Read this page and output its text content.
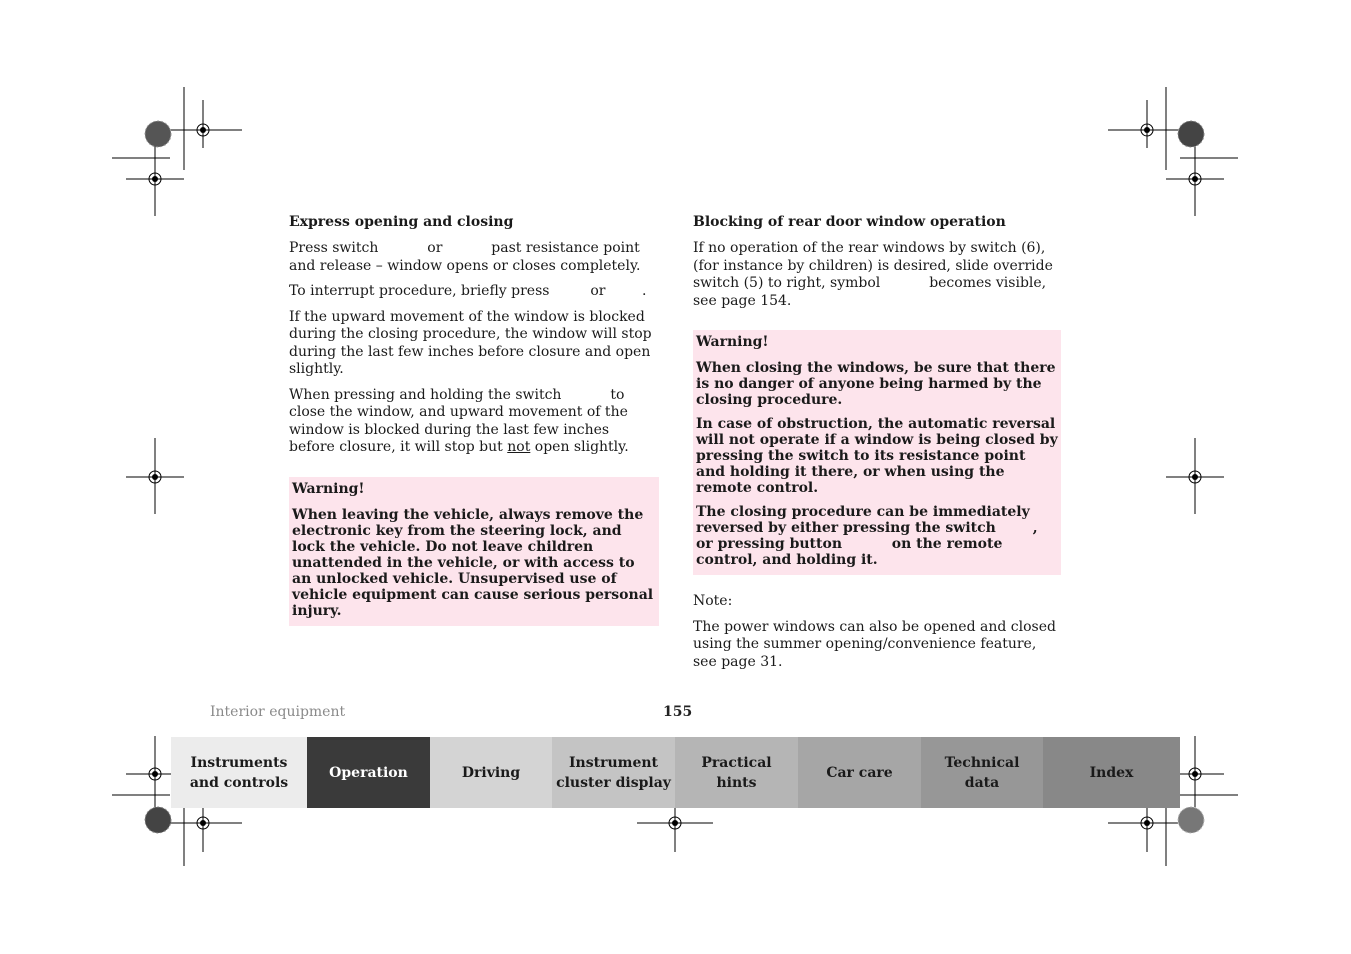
Express opening and closing

Press switch	or	past resistance point and release – window opens or closes completely.

To interrupt procedure, briefly press	or	.

If the upward movement of the window is blocked during the closing procedure, the window will stop during the last few inches before closure and open slightly.

When pressing and holding the switch	to close the window, and upward movement of the window is blocked during the last few inches before closure, it will stop but not open slightly.

Warning!

When leaving the vehicle, always remove the electronic key from the steering lock, and lock the vehicle. Do not leave children unattended in the vehicle, or with access to an unlocked vehicle. Unsupervised use of vehicle equipment can cause serious personal injury.

Blocking of rear door window operation

If no operation of the rear windows by switch (6), (for instance by children) is desired, slide override switch (5) to right, symbol	becomes visible, see page 154.

Warning!

When closing the windows, be sure that there is no danger of anyone being harmed by the closing procedure.

In case of obstruction, the automatic reversal will not operate if a window is being closed by pressing the switch to its resistance point and holding it there, or when using the remote control.

The closing procedure can be immediately reversed by either pressing the switch	, or pressing button	on the remote control, and holding it.

Note:

The power windows can also be opened and closed using the summer opening/convenience feature, see page 31.

Interior equipment	155
Instruments
and controls
Operation	Driving
Instrument
cluster display
Practical hints
Car care
Technical
data
Index
